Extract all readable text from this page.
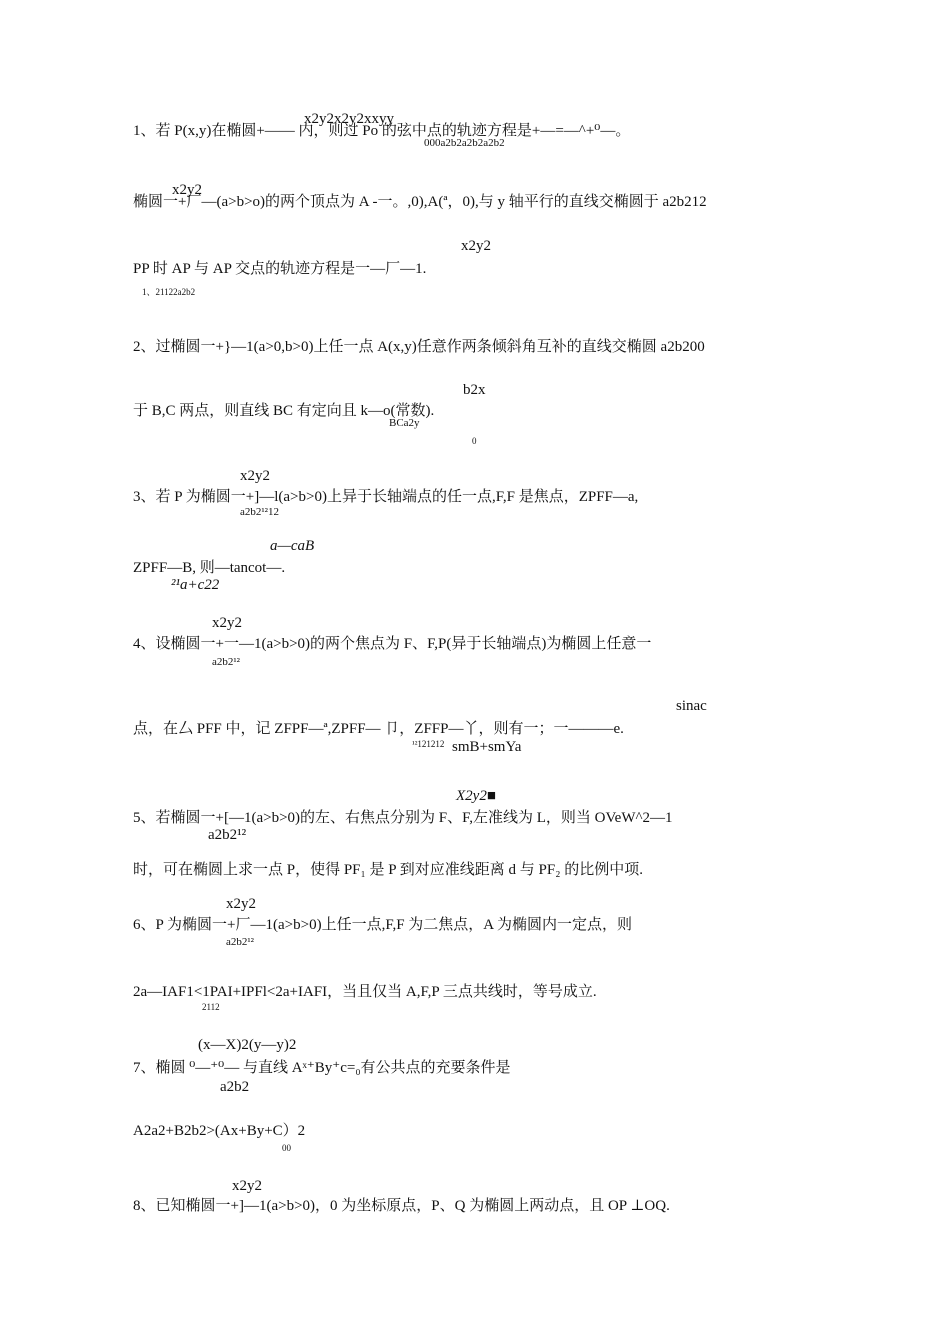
x2y2x2y2xxyy
1、若 P(x,y)在椭圆+—— 内，则过 Po 的弦中点的轨迹方程是+—=—^+⁰—。
000a2b2a2b2a2b2
x2y2
椭圆一+厂—(a>b>o)的两个顶点为 A ‐一。,0),A(ª，0),与 y 轴平行的直线交椭圆于 a2b212
x2y2
PP 时 AP 与 AP 交点的轨迹方程是一—厂—1.
1、21122a2b2
2、过椭圆一+}—1(a>0,b>0)上任一点 A(x,y)任意作两条倾斜角互补的直线交椭圆 a2b200
b2x
于 B,C 两点，则直线 BC 有定向且 k—o(常数).
BCa2y
0
x2y2
3、若 P 为椭圆一+]—l(a>b>0)上异于长轴端点的任一点,F,F 是焦点，ZPFF—a,
a2b2¹²12
a—caB
ZPFF—B, 则—tancot—.
²¹a+c22
x2y2
4、设椭圆一+一—1(a>b>0)的两个焦点为 F、F,P(异于长轴端点)为椭圆上任意一
a2b2¹²
sinac
点，在厶 PFF 中，记 ZFPF—ª,ZPFF— 卩，ZFFP—丫，则有一；一———e.
¹²121212 smB+smYa
X2y2■
5、若椭圆一+[—1(a>b>0)的左、右焦点分别为 F、F,左准线为 L，则当 OVeW^2—1
a2b2¹²
时，可在椭圆上求一点 P，使得 PF₁ 是 P 到对应准线距离 d 与 PF₂ 的比例中项.
x2y2
6、P 为椭圆一+厂—1(a>b>0)上任一点,F,F 为二焦点，A 为椭圆内一定点，则
a2b2¹²
2a—IAF1<1PAI+IPFl<2a+IAFI，当且仅当 A,F,P 三点共线时，等号成立.
2112
(x—X)2(y—y)2
7、椭圆 ⁰—⁺⁰— 与直线 Aˣ⁺By⁺c=₀有公共点的充要条件是
a2b2
A2a2+B2b2>(Ax+By+C）2
00
x2y2
8、已知椭圆一+]—1(a>b>0)，0 为坐标原点，P、Q 为椭圆上两动点，且 OP ⊥OQ.
